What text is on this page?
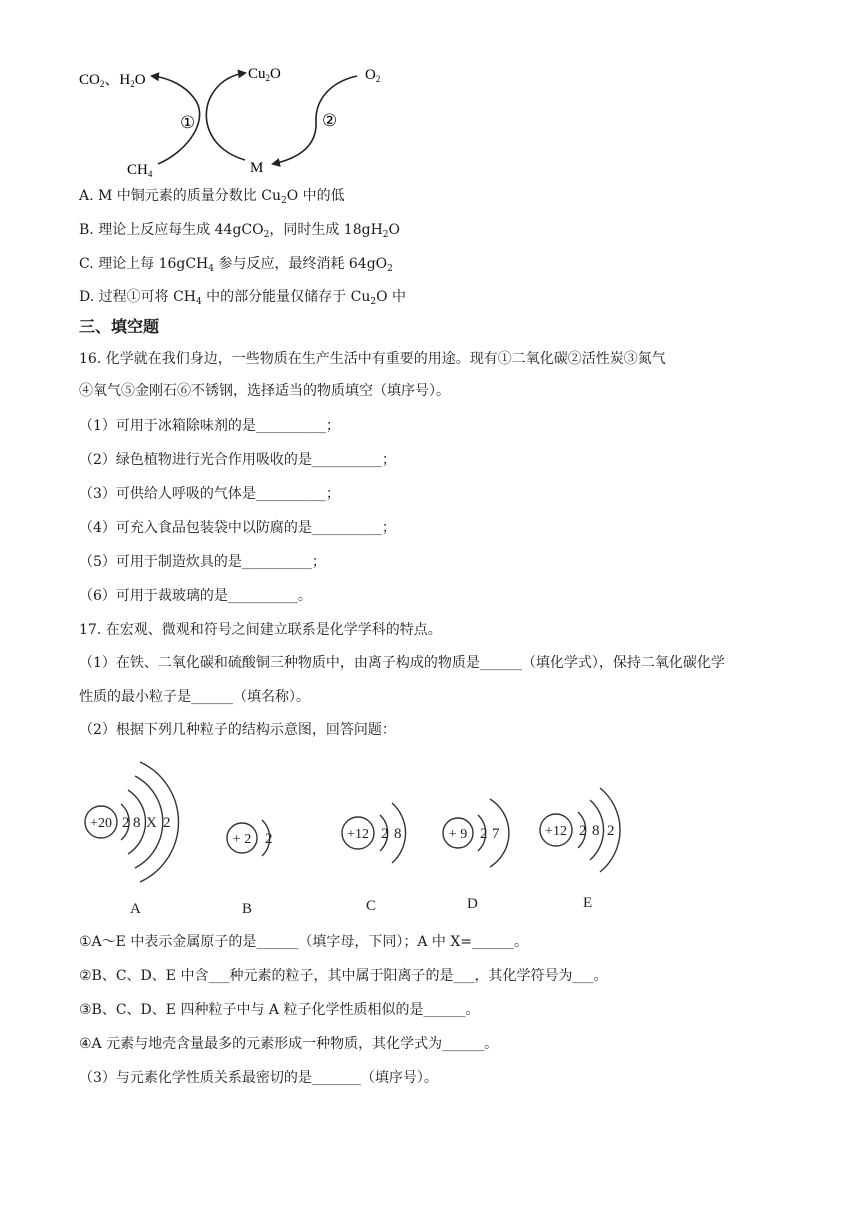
$CO_2$、$H_2O$	$Cu_2O$	$O_2$
$CH_4$	M
①	②
A. M 中铜元素的质量分数比 $Cu_2O$ 中的低
B. 理论上反应每生成 44gCO$_2$，同时生成 $18gH_2O$
C. 理论上每 16gCH$_4$ 参与反应，最终消耗 $64gO_2$
D. 过程①可将 $CH_4$ 中的部分能量仅储存于 $Cu_2O$ 中
三、填空题
16. 化学就在我们身边，一些物质在生产生活中有重要的用途。现有①二氧化碳②活性炭③氮气
④氧气⑤金刚石⑥不锈钢，选择适当的物质填空（填序号）。
（1）可用于冰箱除味剂的是__________；
（2）绿色植物进行光合作用吸收的是__________；
（3）可供给人呼吸的气体是__________；
（4）可充入食品包装袋中以防腐的是__________；
（5）可用于制造炊具的是__________；
（6）可用于裁玻璃的是__________。
17. 在宏观、微观和符号之间建立联系是化学学科的特点。
（1）在铁、二氧化碳和硫酸铜三种物质中，由离子构成的物质是______（填化学式），保持二氧化碳化学
性质的最小粒子是______（填名称）。
（2）根据下列几种粒子的结构示意图，回答问题：
+20 2 8 X 2
A
+ 2 2
B
+12 2 8
C
+ 9 2 7
D
+12 2 8 2
E
①A～E 中表示金属原子的是______（填字母，下同）；A 中 X=______。
②B、C、D、E 中含___种元素的粒子，其中属于阳离子的是___，其化学符号为___。
③B、C、D、E 四种粒子中与 A 粒子化学性质相似的是______。
④A 元素与地壳含量最多的元素形成一种物质，其化学式为______。
（3）与元素化学性质关系最密切的是_______（填序号）。
